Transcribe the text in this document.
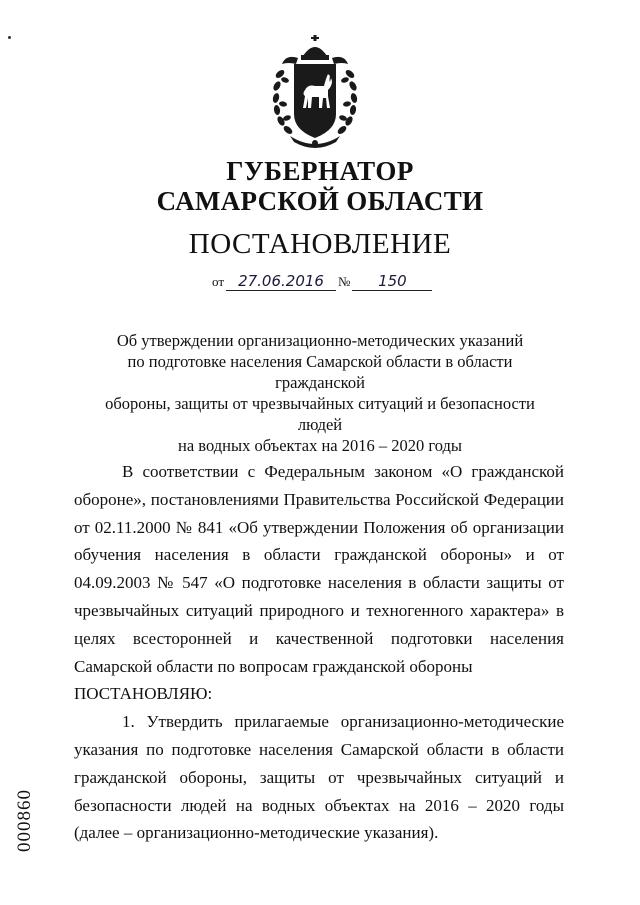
ГУБЕРНАТОР
САМАРСКОЙ ОБЛАСТИ
ПОСТАНОВЛЕНИЕ
от 27.06.2016 № 150
Об утверждении организационно-методических указаний
по подготовке населения Самарской области в области гражданской
обороны, защиты от чрезвычайных ситуаций и безопасности людей
на водных объектах на 2016 – 2020 годы

В соответствии с Федеральным законом «О гражданской обороне», постановлениями Правительства Российской Федерации от 02.11.2000 № 841 «Об утверждении Положения об организации обучения населения в области гражданской обороны» и от 04.09.2003 № 547 «О подготовке населения в области защиты от чрезвычайных ситуаций природного и техногенного характера» в целях всесторонней и качественной подготовки населения Самарской области по вопросам гражданской обороны

ПОСТАНОВЛЯЮ:

1. Утвердить прилагаемые организационно-методические указания по подготовке населения Самарской области в области гражданской обороны, защиты от чрезвычайных ситуаций и безопасности людей на водных объектах на 2016 – 2020 годы (далее – организационно-методические указания).

000860
